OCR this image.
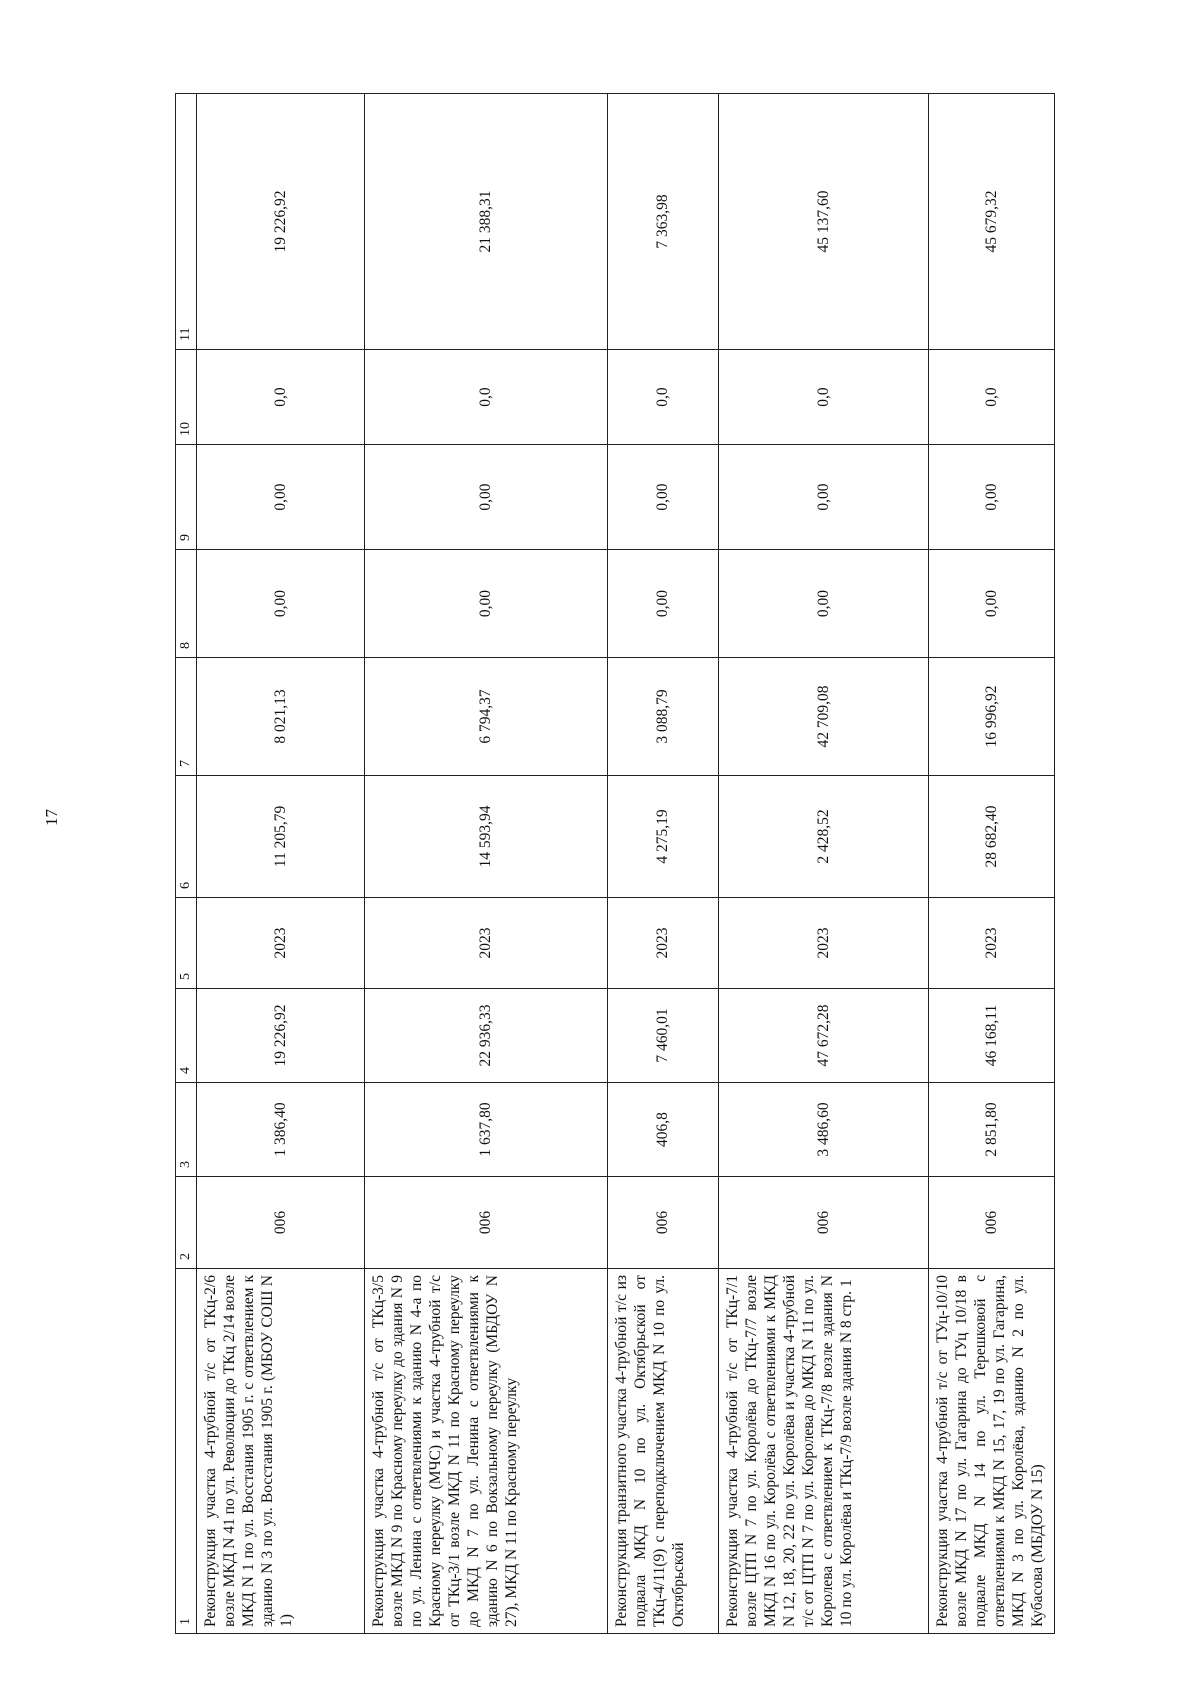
17
1	2	3	4	5	6	7	8	9	10	11
Реконструкция участка 4-трубной т/с от ТКц-2/6 возле МКД N 41 по ул. Революции до ТКц 2/14 возле МКД N 1 по ул. Восстания 1905 г. с ответвлением к зданию N 3 по ул. Восстания 1905 г. (МБОУ СОШ N 1)	006	1 386,40	19 226,92	2023	11 205,79	8 021,13	0,00	0,00	0,0	19 226,92
Реконструкция участка 4-трубной т/с от ТКц-3/5 возле МКД N 9 по Красному переулку до здания N 9 по ул. Ленина с ответвлениями к зданию N 4-а по Красному переулку (МЧС) и участка 4-трубной т/с от ТКц-3/1 возле МКД N 11 по Красному переулку до МКД N 7 по ул. Ленина с ответвлениями к зданию N 6 по Вокзальному переулку (МБДОУ N 27), МКД N 11 по Красному переулку	006	1 637,80	22 936,33	2023	14 593,94	6 794,37	0,00	0,00	0,0	21 388,31
Реконструкция транзитного участка 4-трубной т/с из подвала МКД N 10 по ул. Октябрьской от ТКц-4/11(9) с переподключением МКД N 10 по ул. Октябрьской	006	406,8	7 460,01	2023	4 275,19	3 088,79	0,00	0,00	0,0	7 363,98
Реконструкция участка 4-трубной т/с от ТКц-7/1 возле ЦТП N 7 по ул. Королёва до ТКц-7/7 возле МКД N 16 по ул. Королёва с ответвлениями к МКД N 12, 18, 20, 22 по ул. Королёва и участка 4-трубной т/с от ЦТП N 7 по ул. Королева до МКД N 11 по ул. Королева с ответвлением к ТКц-7/8 возле здания N 10 по ул. Королёва и ТКц-7/9 возле здания N 8 стр. 1	006	3 486,60	47 672,28	2023	2 428,52	42 709,08	0,00	0,00	0,0	45 137,60
Реконструкция участка 4-трубной т/с от ТУц-10/10 возле МКД N 17 по ул. Гагарина до ТУц 10/18 в подвале МКД N 14 по ул. Терешковой с ответвлениями к МКД N 15, 17, 19 по ул. Гагарина, МКД N 3 по ул. Королёва, зданию N 2 по ул. Кубасова (МБДОУ N 15)	006	2 851,80	46 168,11	2023	28 682,40	16 996,92	0,00	0,00	0,0	45 679,32
